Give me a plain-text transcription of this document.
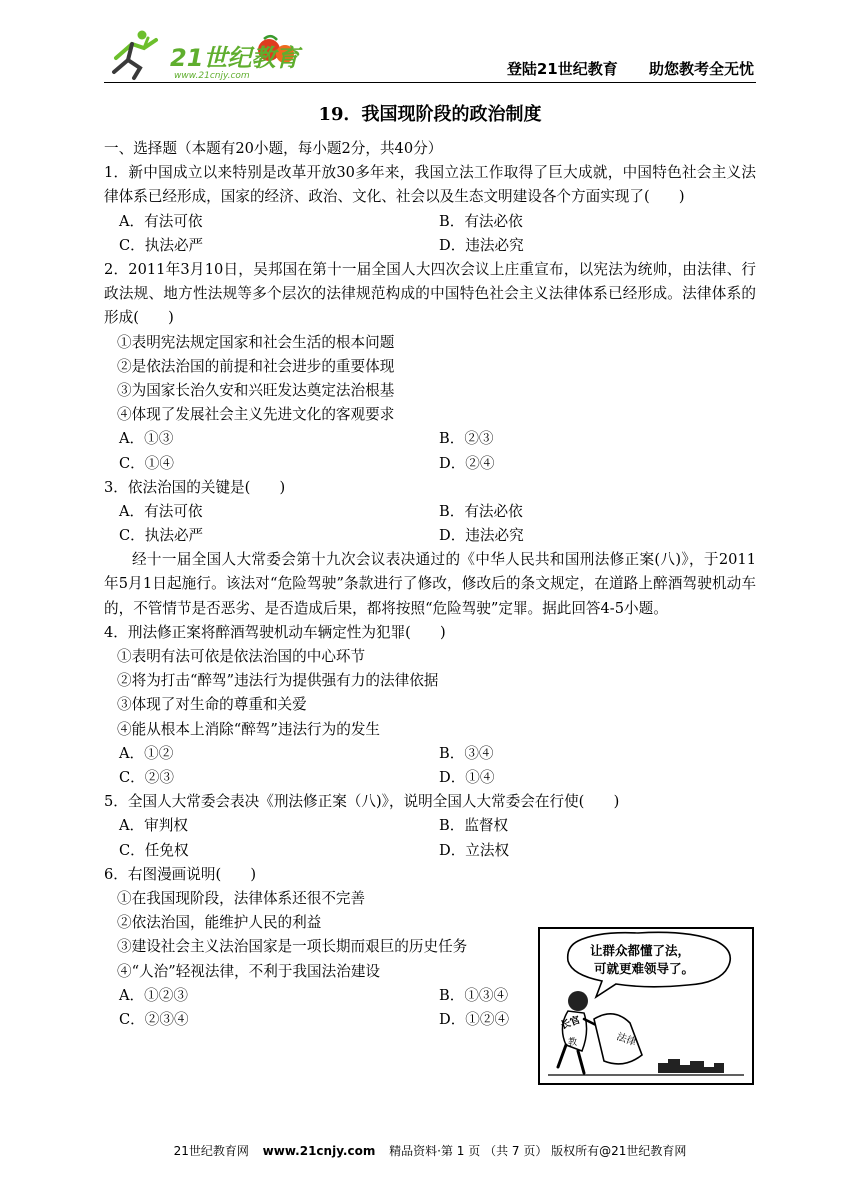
21世纪教育
www.21cnjy.com	登陆21世纪教育 助您教考全无忧
19．我国现阶段的政治制度
一、选择题（本题有20小题，每小题2分，共40分）
1．新中国成立以来特别是改革开放30多年来，我国立法工作取得了巨大成就，中国特色社会主义法律体系已经形成，国家的经济、政治、文化、社会以及生态文明建设各个方面实现了(　　)
A．有法可依	B．有法必依
C．执法必严	D．违法必究
2．2011年3月10日，吴邦国在第十一届全国人大四次会议上庄重宣布，以宪法为统帅，由法律、行政法规、地方性法规等多个层次的法律规范构成的中国特色社会主义法律体系已经形成。法律体系的形成(　　)
①表明宪法规定国家和社会生活的根本问题
②是依法治国的前提和社会进步的重要体现
③为国家长治久安和兴旺发达奠定法治根基
④体现了发展社会主义先进文化的客观要求
A．①③	B．②③
C．①④	D．②④
3．依法治国的关键是(　　)
A．有法可依	B．有法必依
C．执法必严	D．违法必究
经十一届全国人大常委会第十九次会议表决通过的《中华人民共和国刑法修正案(八)》，于2011年5月1日起施行。该法对“危险驾驶”条款进行了修改，修改后的条文规定，在道路上醉酒驾驶机动车的，不管情节是否恶劣、是否造成后果，都将按照“危险驾驶”定罪。据此回答4-5小题。
4．刑法修正案将醉酒驾驶机动车辆定性为犯罪(　　)
①表明有法可依是依法治国的中心环节
②将为打击“醉驾”违法行为提供强有力的法律依据
③体现了对生命的尊重和关爱
④能从根本上消除“醉驾”违法行为的发生
A．①②	B．③④
C．②③	D．①④
5．全国人大常委会表决《刑法修正案（八)》，说明全国人大常委会在行使(　　)
A．审判权	B．监督权
C．任免权	D．立法权
6．右图漫画说明(　　)
①在我国现阶段，法律体系还很不完善
②依法治国，能维护人民的利益
③建设社会主义法治国家是一项长期而艰巨的历史任务
④“人治”轻视法律，不利于我国法治建设
A．①②③	B．①③④
C．②③④	D．①②④
让群众都懂了法，
可就更难领导了。
长官
教	法律
21世纪教育网 www.21cnjy.com 精品资料·第 1 页 （共 7 页） 版权所有@21世纪教育网
